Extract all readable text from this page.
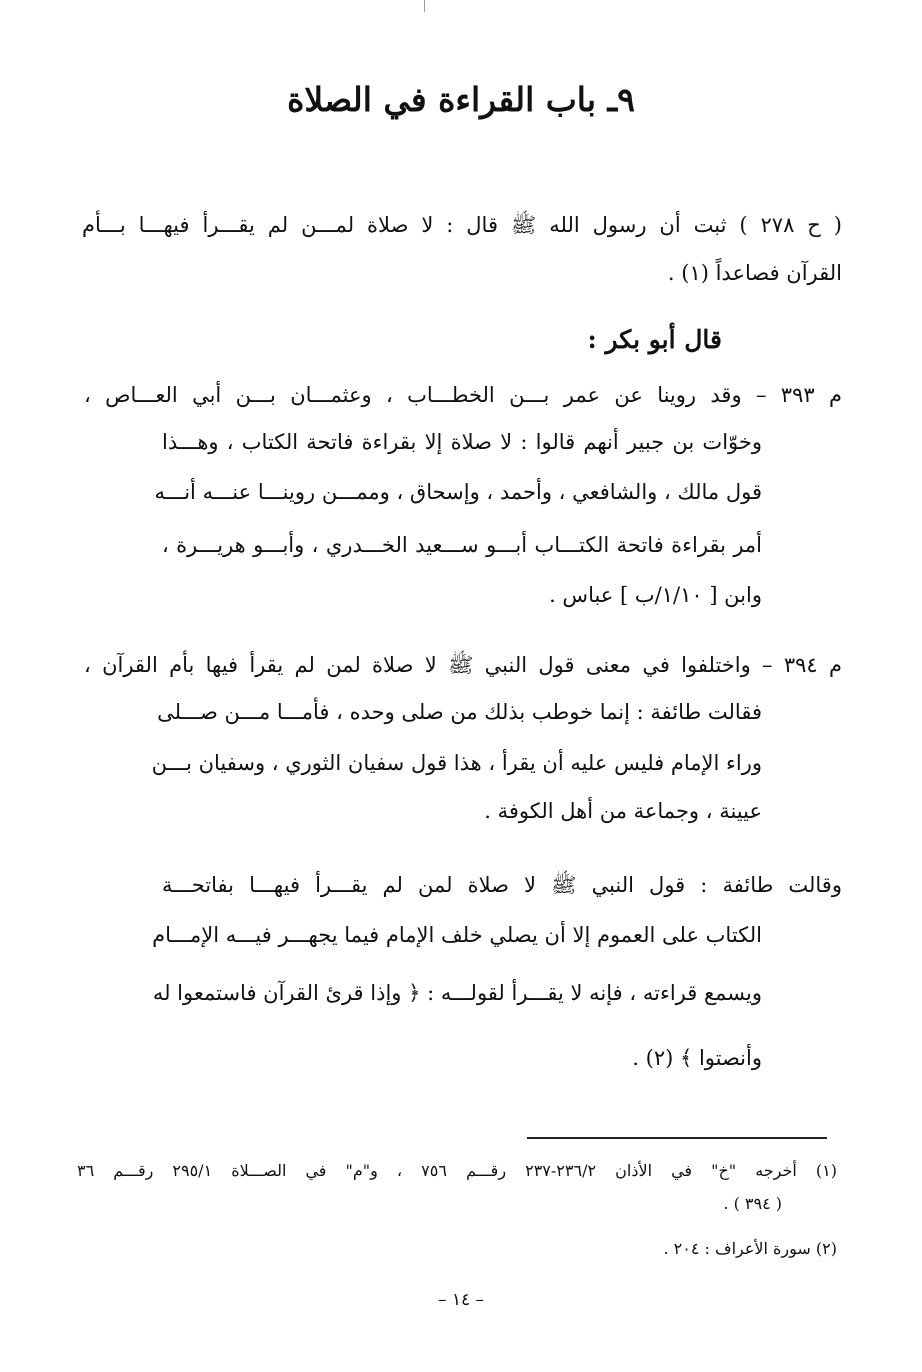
٩ـ باب القراءة في الصلاة
( ح ٢٧٨ ) ثبت أن رسول الله ﷺ قال : لا صلاة لمـــن لم يقـــرأ فيهـــا بـــأم
القرآن فصاعداً (١) .
قال أبو بكر :
م ٣٩٣ – وقد روينا عن عمر بـــن الخطـــاب ، وعثمـــان بـــن أبي العـــاص ،
وخوّات بن جبير أنهم قالوا : لا صلاة إلا بقراءة فاتحة الكتاب ، وهـــذا
قول مالك ، والشافعي ، وأحمد ، وإسحاق ، وممـــن روينـــا عنـــه أنـــه
أمر بقراءة فاتحة الكتـــاب أبـــو ســـعيد الخـــدري ، وأبـــو هريـــرة ،
وابن [ ١/١٠/ب ] عباس .
م ٣٩٤ – واختلفوا في معنى قول النبي ﷺ لا صلاة لمن لم يقرأ فيها بأم القرآن ،
فقالت طائفة : إنما خوطب بذلك من صلى وحده ، فأمـــا مـــن صـــلى
وراء الإمام فليس عليه أن يقرأ ، هذا قول سفيان الثوري ، وسفيان بـــن
عيينة ، وجماعة من أهل الكوفة .
وقالت طائفة : قول النبي ﷺ لا صلاة لمن لم يقـــرأ فيهـــا بفاتحـــة
الكتاب على العموم إلا أن يصلي خلف الإمام فيما يجهـــر فيـــه الإمـــام
ويسمع قراءته ، فإنه لا يقـــرأ لقولـــه : ﴿ وإذا قرئ القرآن فاستمعوا له
وأنصتوا ﴾ (٢) .
(١) أخرجه "خ" في الأذان ٢٣٦/٢-٢٣٧ رقـــم ٧٥٦ ، و"م" في الصـــلاة ٢٩٥/١ رقـــم ٣٦
( ٣٩٤ ) .
(٢) سورة الأعراف : ٢٠٤ .
– ١٤ –
